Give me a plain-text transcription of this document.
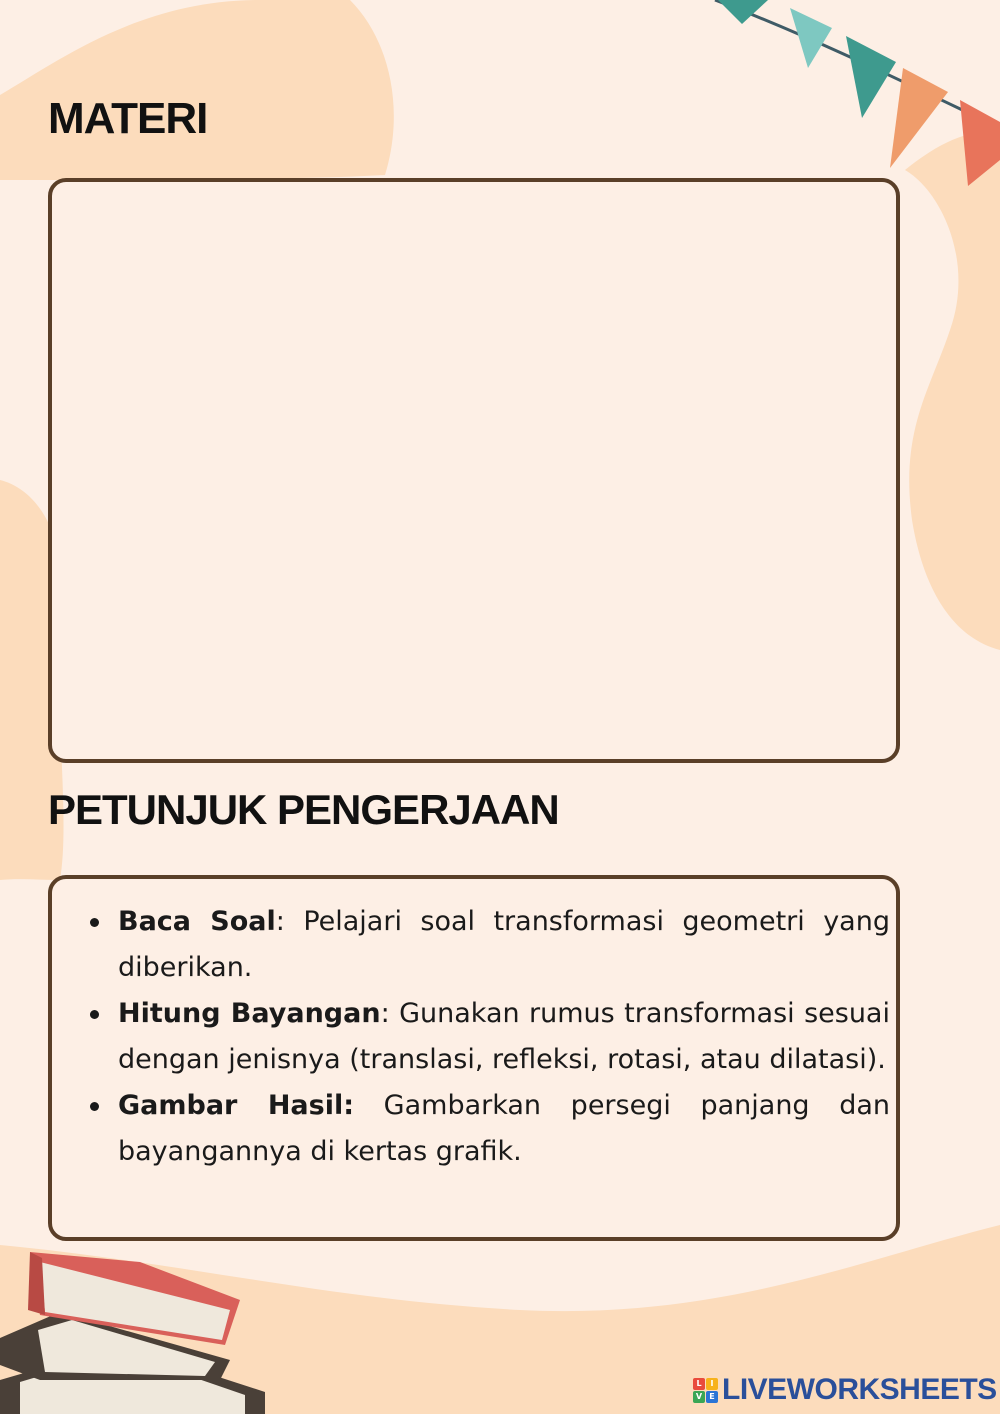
MATERI
PETUNJUK PENGERJAAN
Baca Soal: Pelajari soal transformasi geometri yang diberikan.
Hitung Bayangan: Gunakan rumus transformasi sesuai dengan jenisnya (translasi, refleksi, rotasi, atau dilatasi).
Gambar Hasil: Gambarkan persegi panjang dan bayangannya di kertas grafik.
L	I
V E LIVEWORKSHEETS
